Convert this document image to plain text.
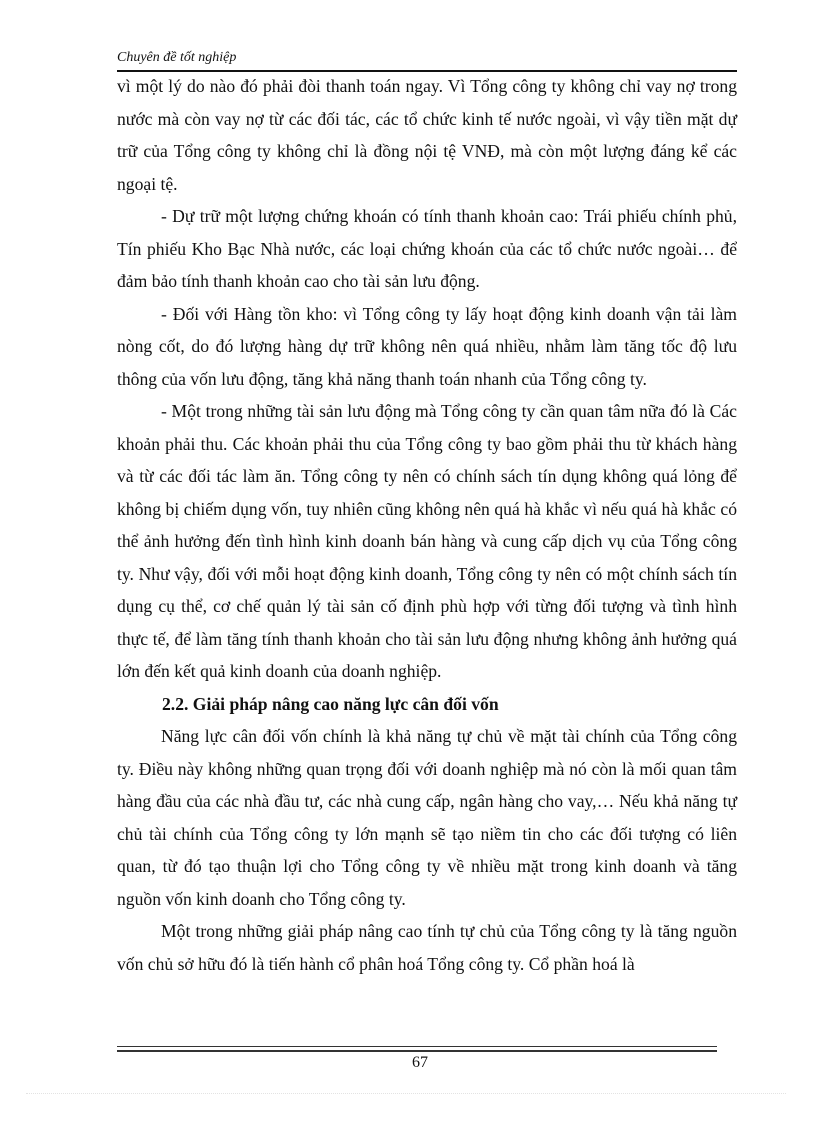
Chuyên đề tốt nghiệp

vì một lý do nào đó phải đòi thanh toán ngay. Vì Tổng công ty không chỉ vay nợ trong nước mà còn vay nợ từ các đối tác, các tổ chức kinh tế nước ngoài, vì vậy tiền mặt dự trữ của Tổng công ty không chỉ là đồng nội tệ VNĐ, mà còn một lượng đáng kể các ngoại tệ.

- Dự trữ một lượng chứng khoán có tính thanh khoản cao: Trái phiếu chính phủ, Tín phiếu Kho Bạc Nhà nước, các loại chứng khoán của các tổ chức nước ngoài… để đảm bảo tính thanh khoản cao cho tài sản lưu động.

- Đối với Hàng tồn kho: vì Tổng công ty lấy hoạt động kinh doanh vận tải làm nòng cốt, do đó lượng hàng dự trữ không nên quá nhiều, nhằm làm tăng tốc độ lưu thông của vốn lưu động, tăng khả năng thanh toán nhanh của Tổng công ty.

- Một trong những tài sản lưu động mà Tổng công ty cần quan tâm nữa đó là Các khoản phải thu. Các khoản phải thu của Tổng công ty bao gồm phải thu từ khách hàng và từ các đối tác làm ăn. Tổng công ty nên có chính sách tín dụng không quá lỏng để không bị chiếm dụng vốn, tuy nhiên cũng không nên quá hà khắc vì nếu quá hà khắc có thể ảnh hưởng đến tình hình kinh doanh bán hàng và cung cấp dịch vụ của Tổng công ty. Như vậy, đối với mỗi hoạt động kinh doanh, Tổng công ty nên có một chính sách tín dụng cụ thể, cơ chế quản lý tài sản cố định phù hợp với từng đối tượng và tình hình thực tế, để làm tăng tính thanh khoản cho tài sản lưu động nhưng không ảnh hưởng quá lớn đến kết quả kinh doanh của doanh nghiệp.

2.2. Giải pháp nâng cao năng lực cân đối vốn

Năng lực cân đối vốn chính là khả năng tự chủ về mặt tài chính của Tổng công ty. Điều này không những quan trọng đối với doanh nghiệp mà nó còn là mối quan tâm hàng đầu của các nhà đầu tư, các nhà cung cấp, ngân hàng cho vay,… Nếu khả năng tự chủ tài chính của Tổng công ty lớn mạnh sẽ tạo niềm tin cho các đối tượng có liên quan, từ đó tạo thuận lợi cho Tổng công ty về nhiều mặt trong kinh doanh và tăng nguồn vốn kinh doanh cho Tổng công ty.

Một trong những giải pháp nâng cao tính tự chủ của Tổng công ty là tăng nguồn vốn chủ sở hữu đó là tiến hành cổ phân hoá Tổng công ty. Cổ phần hoá là

67
